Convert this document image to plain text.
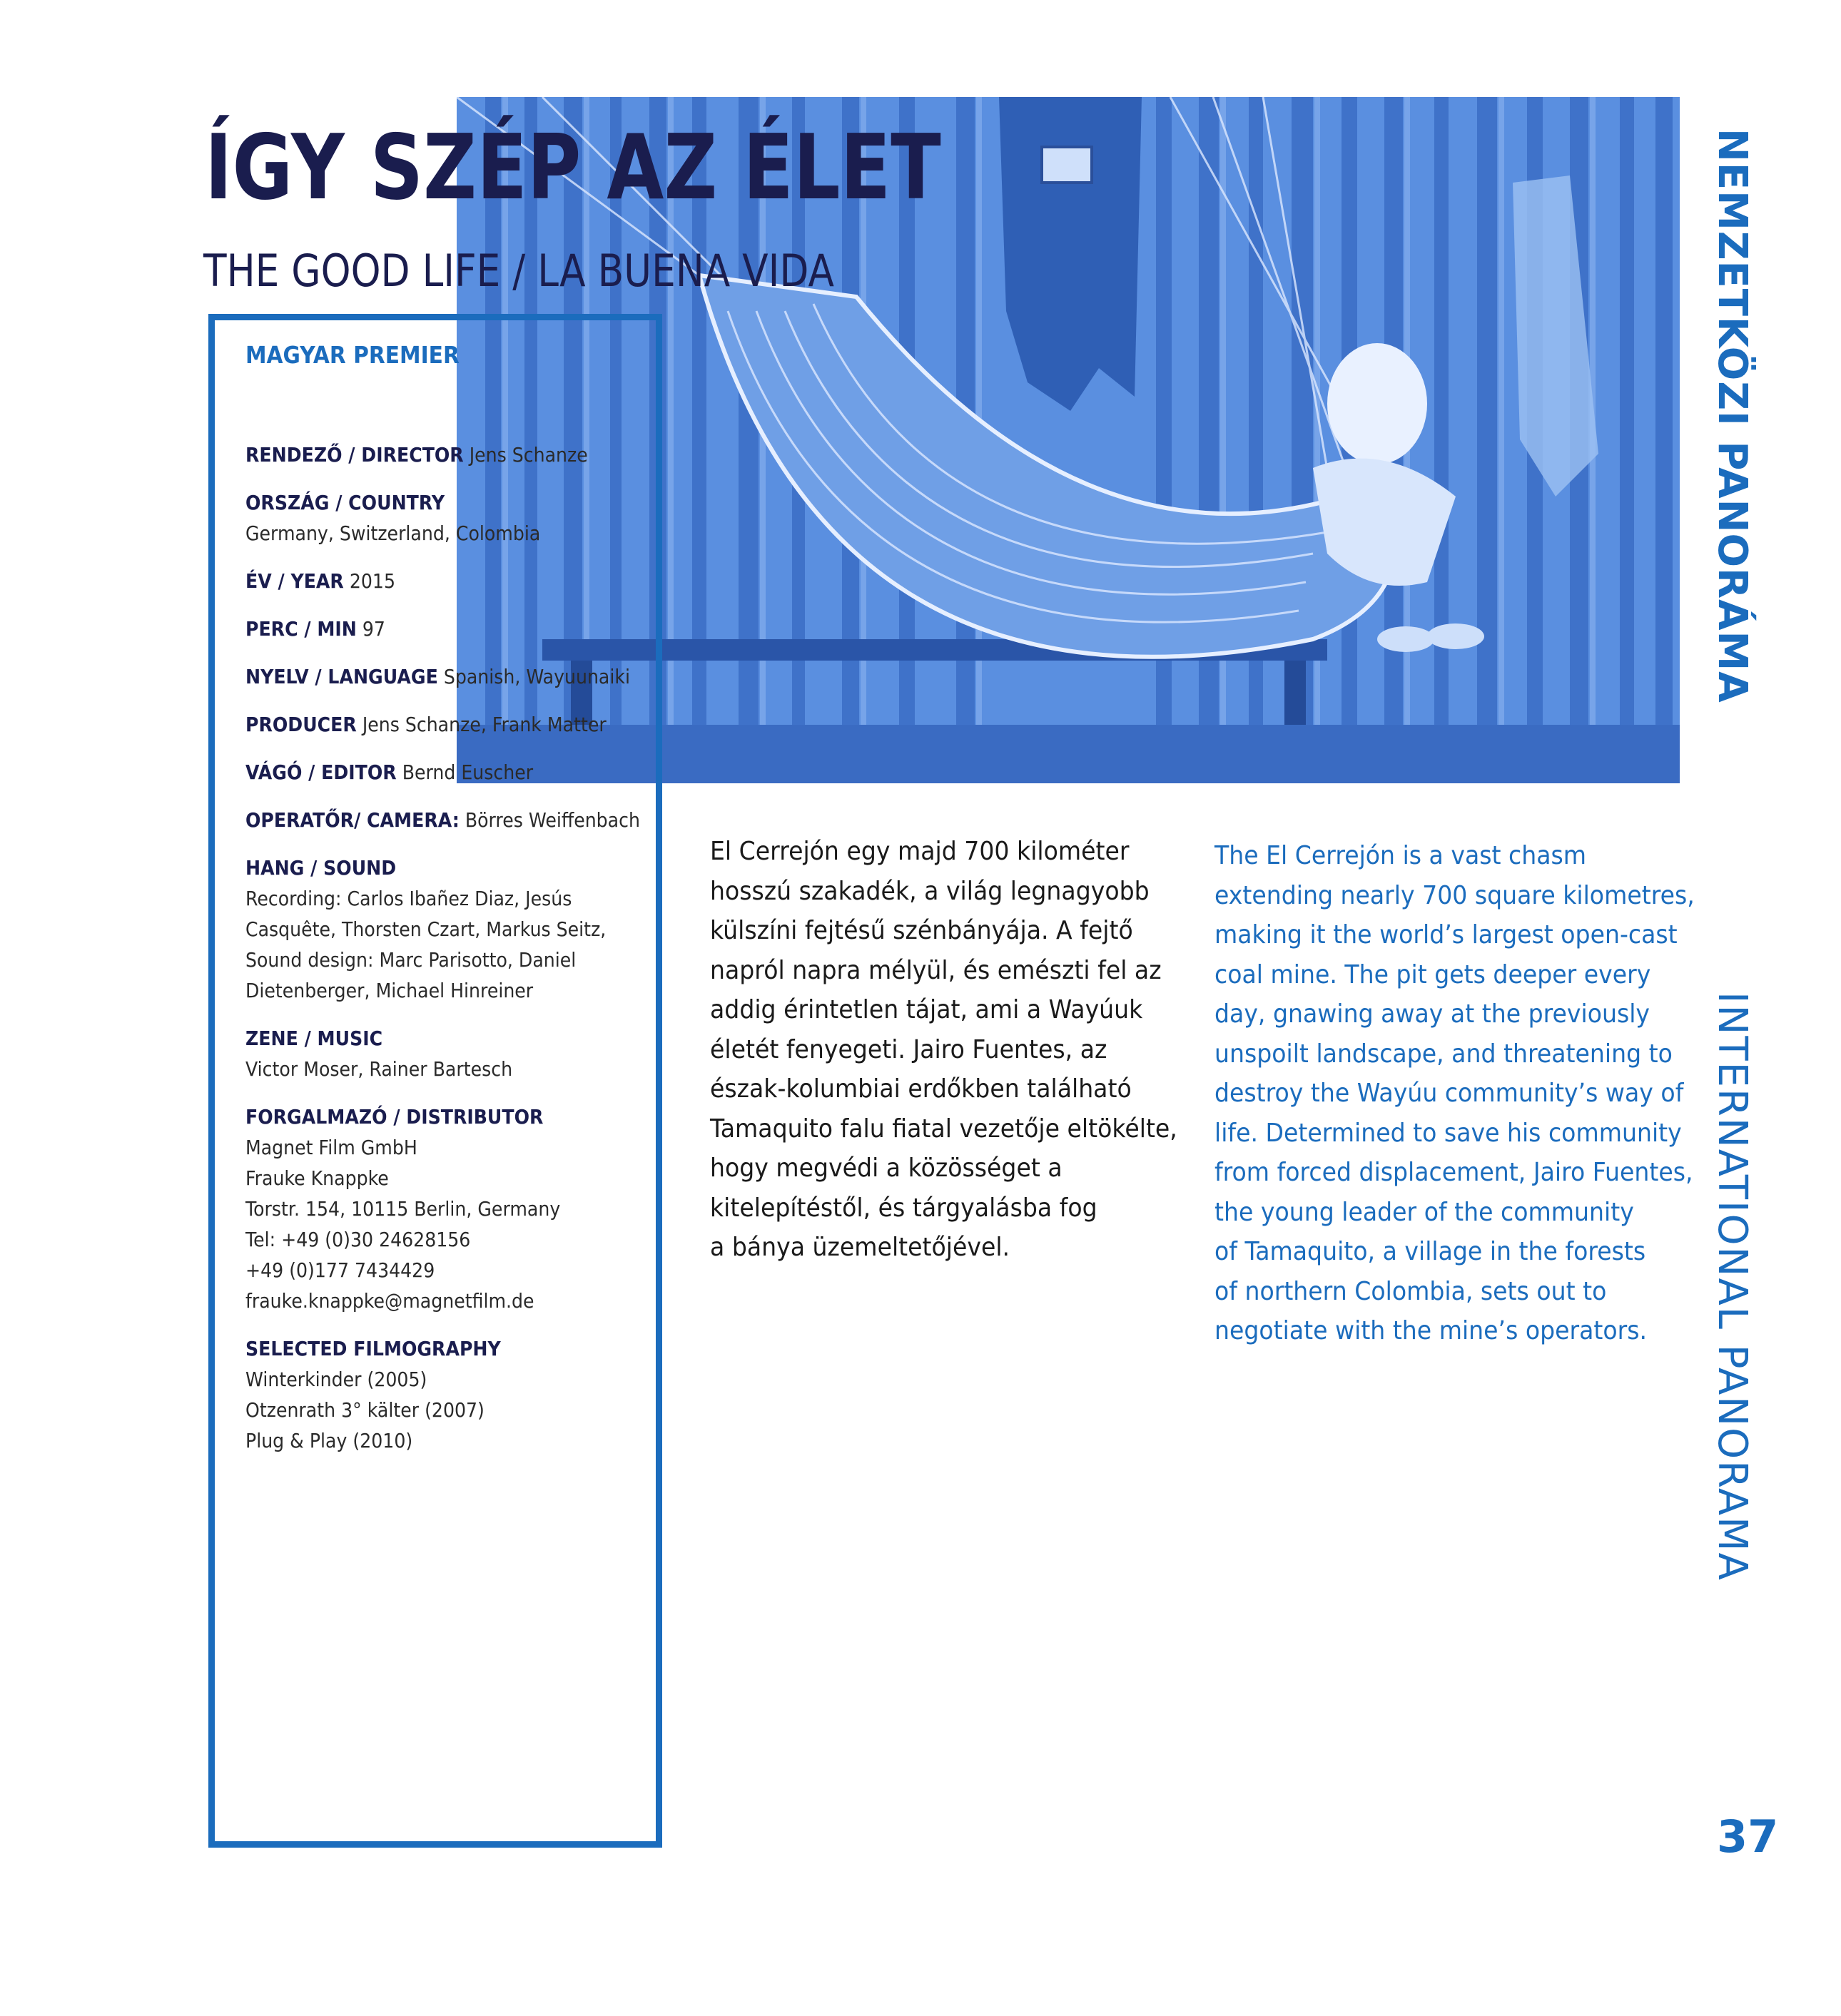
ÍGY SZÉP AZ ÉLET
THE GOOD LIFE / LA BUENA VIDA
MAGYAR PREMIER

RENDEZŐ / DIRECTOR Jens Schanze

ORSZÁG / COUNTRY
Germany, Switzerland, Colombia

ÉV / YEAR 2015

PERC / MIN 97

NYELV / LANGUAGE Spanish, Wayuunaiki

PRODUCER Jens Schanze, Frank Matter

VÁGÓ / EDITOR Bernd Euscher

OPERATŐR/ CAMERA: Börres Weiffenbach

HANG / SOUND
Recording: Carlos Ibañez Diaz, Jesús
Casquête, Thorsten Czart, Markus Seitz,
Sound design: Marc Parisotto, Daniel
Dietenberger, Michael Hinreiner

ZENE / MUSIC
Victor Moser, Rainer Bartesch

FORGALMAZÓ / DISTRIBUTOR
Magnet Film GmbH
Frauke Knappke
Torstr. 154, 10115 Berlin, Germany
Tel: +49 (0)30 24628156
+49 (0)177 7434429
frauke.knappke@magnetfilm.de

SELECTED FILMOGRAPHY
Winterkinder (2005)
Otzenrath 3° kälter (2007)
Plug & Play (2010)

El Cerrejón egy majd 700 kilométer
hosszú szakadék, a világ legnagyobb
külszíni fejtésű szénbányája. A fejtő
napról napra mélyül, és emészti fel az
addig érintetlen tájat, ami a Wayúuk
életét fenyegeti. Jairo Fuentes, az
észak-kolumbiai erdőkben található
Tamaquito falu fiatal vezetője eltökélte,
hogy megvédi a közösséget a
kitelepítéstől, és tárgyalásba fog
a bánya üzemeltetőjével.
The El Cerrejón is a vast chasm
extending nearly 700 square kilometres,
making it the world’s largest open-cast
coal mine. The pit gets deeper every
day, gnawing away at the previously
unspoilt landscape, and threatening to
destroy the Wayúu community’s way of
life. Determined to save his community
from forced displacement, Jairo Fuentes,
the young leader of the community
of Tamaquito, a village in the forests
of northern Colombia, sets out to
negotiate with the mine’s operators.
NEMZETKÖZI PANORÁMA
INTERNATIONAL PANORAMA
37
